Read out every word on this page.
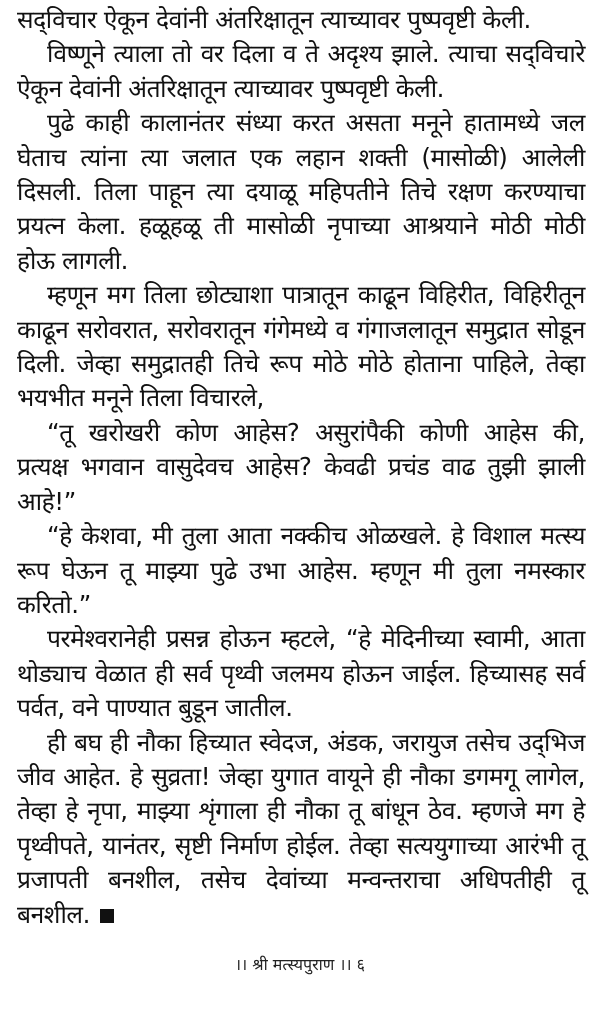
सद्‌विचार ऐकून देवांनी अंतरिक्षातून त्याच्यावर पुष्पवृष्टी केली.

विष्णूने त्याला तो वर दिला व ते अदृश्य झाले. त्याचा सद्‌विचारे ऐकून देवांनी अंतरिक्षातून त्याच्यावर पुष्पवृष्टी केली.

पुढे काही कालानंतर संध्या करत असता मनूने हातामध्ये जल घेताच त्यांना त्या जलात एक लहान शक्ती (मासोळी) आलेली दिसली. तिला पाहून त्या दयाळू महिपतीने तिचे रक्षण करण्याचा प्रयत्न केला. हळूहळू ती मासोळी नृपाच्या आश्रयाने मोठी मोठी होऊ लागली.

म्हणून मग तिला छोट्याशा पात्रातून काढून विहिरीत, विहिरीतून काढून सरोवरात, सरोवरातून गंगेमध्ये व गंगाजलातून समुद्रात सोडून दिली. जेव्हा समुद्रातही तिचे रूप मोठे मोठे होताना पाहिले, तेव्हा भयभीत मनूने तिला विचारले,

“तू खरोखरी कोण आहेस? असुरांपैकी कोणी आहेस की, प्रत्यक्ष भगवान वासुदेवच आहेस? केवढी प्रचंड वाढ तुझी झाली आहे!”

“हे केशवा, मी तुला आता नक्कीच ओळखले. हे विशाल मत्स्य रूप घेऊन तू माझ्या पुढे उभा आहेस. म्हणून मी तुला नमस्कार करितो.”

परमेश्वरानेही प्रसन्न होऊन म्हटले, “हे मेदिनीच्या स्वामी, आता थोड्याच वेळात ही सर्व पृथ्वी जलमय होऊन जाईल. हिच्यासह सर्व पर्वत, वने पाण्यात बुडून जातील.

ही बघ ही नौका हिच्यात स्वेदज, अंडक, जरायुज तसेच उद्‌भिज जीव आहेत. हे सुव्रता! जेव्हा युगात वायूने ही नौका डगमगू लागेल, तेव्हा हे नृपा, माझ्या शृंगाला ही नौका तू बांधून ठेव. म्हणजे मग हे पृथ्वीपते, यानंतर, सृष्टी निर्माण होईल. तेव्हा सत्ययुगाच्या आरंभी तू प्रजापती बनशील, तसेच देवांच्या मन्वन्तराचा अधिपतीही तू बनशील.

।। श्री मत्स्यपुराण ।। ६
